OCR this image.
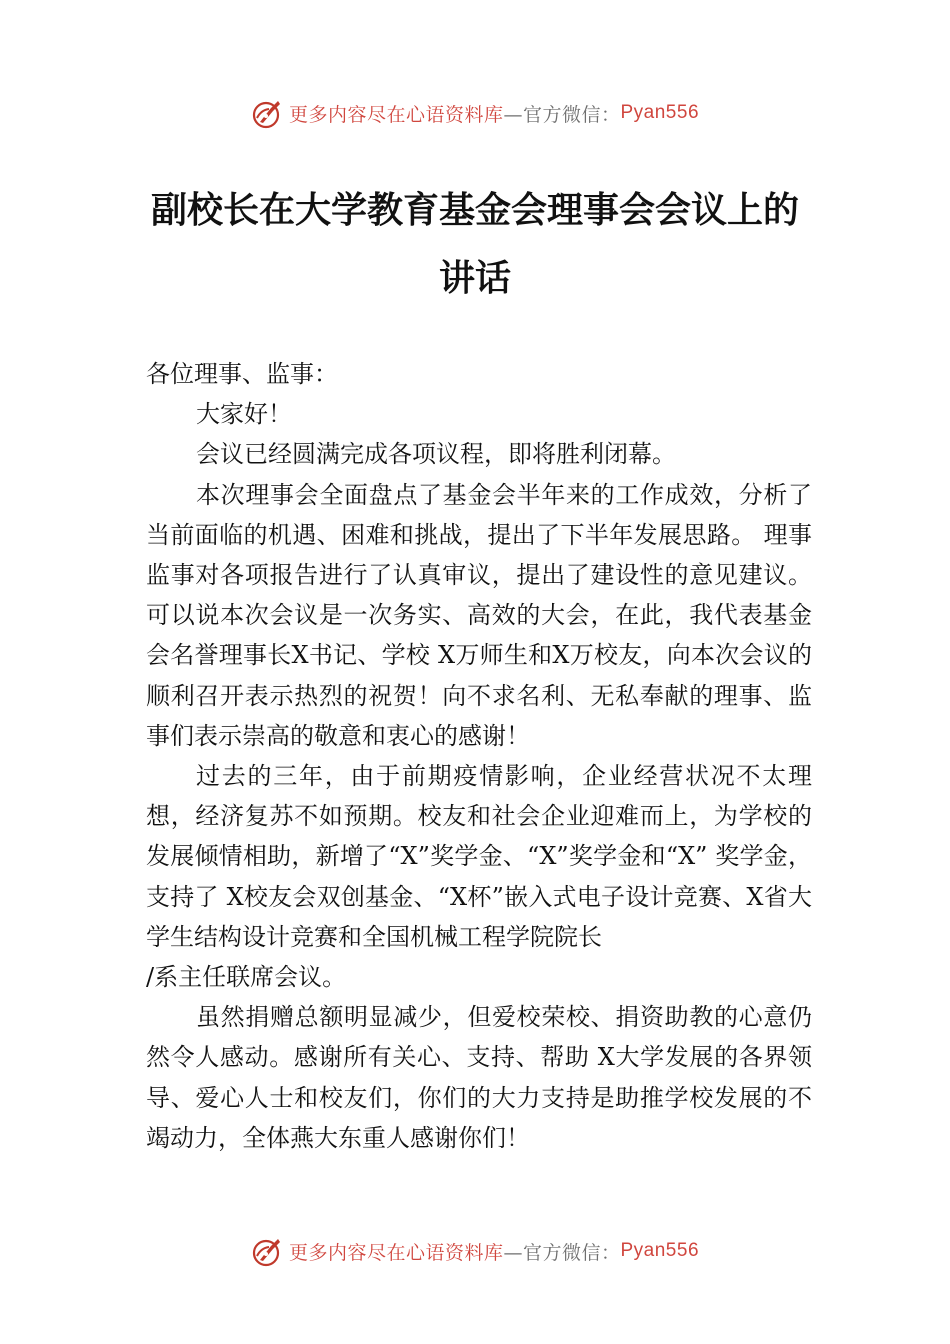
更多内容尽在心语资料库 —官方微信： Pyan556
副校长在大学教育基金会理事会会议上的
讲话

各位理事、监事：

大家好！

会议已经圆满完成各项议程，即将胜利闭幕。

本次理事会全面盘点了基金会半年来的工作成效，分析了当前面临的机遇、困难和挑战，提出了下半年发展思路。 理事监事对各项报告进行了认真审议，提出了建设性的意见建议。可以说本次会议是一次务实、高效的大会，在此，我代表基金会名誉理事长X书记、学校 X万师生和X万校友，向本次会议的顺利召开表示热烈的祝贺！向不求名利、无私奉献的理事、监事们表示崇高的敬意和衷心的感谢！

过去的三年，由于前期疫情影响，企业经营状况不太理想，经济复苏不如预期。校友和社会企业迎难而上，为学校的发展倾情相助，新增了“X”奖学金、“X”奖学金和“X” 奖学金，支持了 X校友会双创基金、“X杯”嵌入式电子设计竞赛、X省大学生结构设计竞赛和全国机械工程学院院长

/系主任联席会议。

虽然捐赠总额明显减少，但爱校荣校、捐资助教的心意仍然令人感动。感谢所有关心、支持、帮助 X大学发展的各界领导、爱心人士和校友们，你们的大力支持是助推学校发展的不竭动力，全体燕大东重人感谢你们！

更多内容尽在心语资料库 —官方微信： Pyan556
